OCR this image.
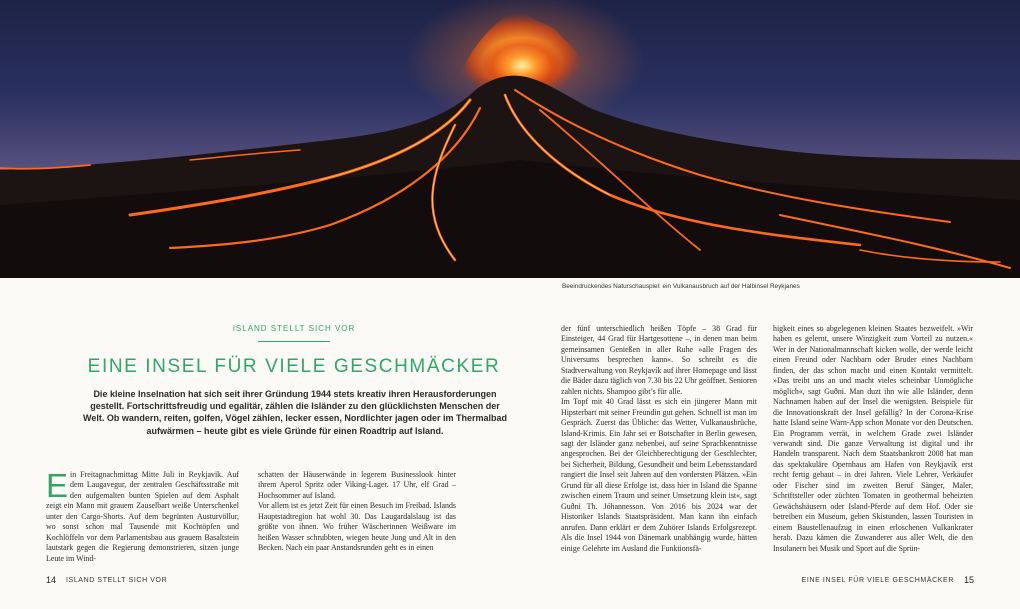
Beeindruckendes Naturschauspiel: ein Vulkanausbruch auf der Halbinsel Reykjanes
ISLAND STELLT SICH VOR
EINE INSEL FÜR VIELE GESCHMÄCKER
Die kleine Inselnation hat sich seit ihrer Gründung 1944 stets kreativ ihren Herausforderungen gestellt. Fortschrittsfreudig und egalitär, zählen die Isländer zu den glücklichsten Menschen der Welt. Ob wandern, reiten, golfen, Vögel zählen, lecker essen, Nordlichter jagen oder im Thermalbad aufwärmen – heute gibt es viele Gründe für einen Roadtrip auf Island.
E in Freitagnachmittag Mitte Juli in Reykjavik. Auf dem Laugavegur, der zentralen Geschäftsstraße mit den aufgemalten bunten Spielen auf dem Asphalt zeigt ein Mann mit grauem Zauselbart weiße Unterschenkel unter den Cargo-Shorts. Auf dem begrünten Austurvöllur, wo sonst schon mal Tausende mit Kochtöpfen und Kochlöffeln vor dem Parlamentsbau aus grauem Basaltstein lautstark gegen die Regierung demonstrieren, sitzen junge Leute im Wind-

schatten der Häuserwände in legerem Businesslook hinter ihrem Aperol Spritz oder Viking-Lager. 17 Uhr, elf Grad – Hochsommer auf Island.

Vor allem ist es jetzt Zeit für einen Besuch im Freibad. Islands Hauptstadtregion hat wohl 30. Das Laugardalslaug ist das größte von ihnen. Wo früher Wäscherinnen Weißware im heißen Wasser schrubbten, wiegen heute Jung und Alt in den Becken. Nach ein paar Anstandsrunden geht es in einen

der fünf unterschiedlich heißen Töpfe – 38 Grad für Einsteiger, 44 Grad für Hartgesottene –, in denen man beim gemeinsamen Genießen in aller Ruhe »alle Fragen des Universums besprechen kann«. So schreibt es die Stadtverwaltung von Reykjavík auf ihrer Homepage und lässt die Bäder dazu täglich von 7.30 bis 22 Uhr geöffnet. Senioren zahlen nichts. Shampoo gibt’s für alle.

Im Topf mit 40 Grad lässt es sich ein jüngerer Mann mit Hipsterbart mit seiner Freundin gut gehen. Schnell ist man im Gespräch. Zuerst das Übliche: das Wetter, Vulkanausbrüche, Island-Krimis. Ein Jahr sei er Botschafter in Berlin gewesen, sagt der Isländer ganz nebenbei, auf seine Sprachkenntnisse angesprochen. Bei der Gleichberechtigung der Geschlechter, bei Sicherheit, Bildung, Gesundheit und beim Lebensstandard rangiert die Insel seit Jahren auf den vordersten Plätzen. »Ein Grund für all diese Erfolge ist, dass hier in Island die Spanne zwischen einem Traum und seiner Umsetzung klein ist«, sagt Guðni Th. Jóhannesson. Von 2016 bis 2024 war der Historiker Islands Staatspräsident. Man kann ihn einfach anrufen. Dann erklärt er dem Zuhörer Islands Erfolgsrezept. Als die Insel 1944 von Dänemark unabhängig wurde, hätten einige Gelehrte im Ausland die Funktionsfä-

higkeit eines so abgelegenen kleinen Staates bezweifelt. »Wir haben es gelernt, unsere Winzigkeit zum Vorteil zu nutzen.« Wer in der Nationalmannschaft kicken wolle, der werde leicht einen Freund oder Nachbarn oder Bruder eines Nachbarn finden, der das schon macht und einen Kontakt vermittelt. »Das treibt uns an und macht vieles scheinbar Unmögliche möglich«, sagt Guðni. Man duzt ihn wie alle Isländer, denn Nachnamen haben auf der Insel die wenigsten. Beispiele für die Innovationskraft der Insel gefällig? In der Corona-Krise hatte Island seine Warn-App schon Monate vor den Deutschen. Ein Programm verrät, in welchem Grade zwei Isländer verwandt sind. Die ganze Verwaltung ist digital und ihr Handeln transparent. Nach dem Staatsbankrott 2008 hat man das spektakuläre Opernhaus am Hafen von Reykjavík erst recht fertig gebaut – in drei Jahren. Viele Lehrer, Verkäufer oder Fischer sind im zweiten Beruf Sänger, Maler, Schriftsteller oder züchten Tomaten in geothermal beheizten Gewächshäusern oder Island-Pferde auf dem Hof. Oder sie betreiben ein Museum, geben Skistunden, lassen Touristen in einem Baustellenaufzug in einen erloschenen Vulkankrater herab. Dazu kämen die Zuwanderer aus aller Welt, die den Insulanern bei Musik und Sport auf die Sprün-

14 ISLAND STELLT SICH VOR	EINE INSEL FÜR VIELE GESCHMÄCKER 15
